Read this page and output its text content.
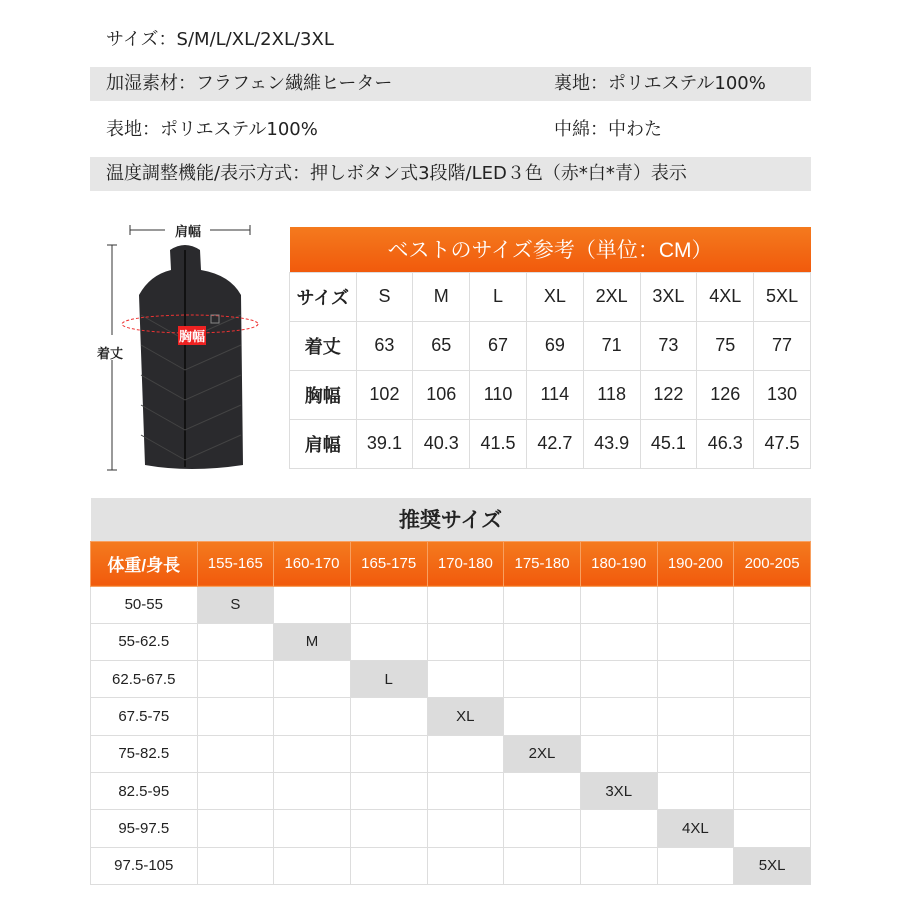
サイズ：S/M/L/XL/2XL/3XL
加湿素材：フラフェン繊維ヒーター	裏地：ポリエステル100%
表地：ポリエステル100%	中綿：中わた
温度調整機能/表示方式：押しボタン式3段階/LED３色（赤*白*青）表示
肩幅
着丈
胸幅
ベストのサイズ参考（単位：CM）								
サイズ	S	M	L	XL	2XL	3XL	4XL	5XL
着丈	63	65	67	69	71	73	75	77
胸幅	102	106	110	114	118	122	126	130
肩幅	39.1	40.3	41.5	42.7	43.9	45.1	46.3	47.5
推奨サイズ								
体重/身長	155-165	160-170	165-175	170-180	175-180	180-190	190-200	200-205
50-55	S							
55-62.5		M						
62.5-67.5			L					
67.5-75				XL				
75-82.5					2XL			
82.5-95						3XL		
95-97.5							4XL	
97.5-105								5XL
